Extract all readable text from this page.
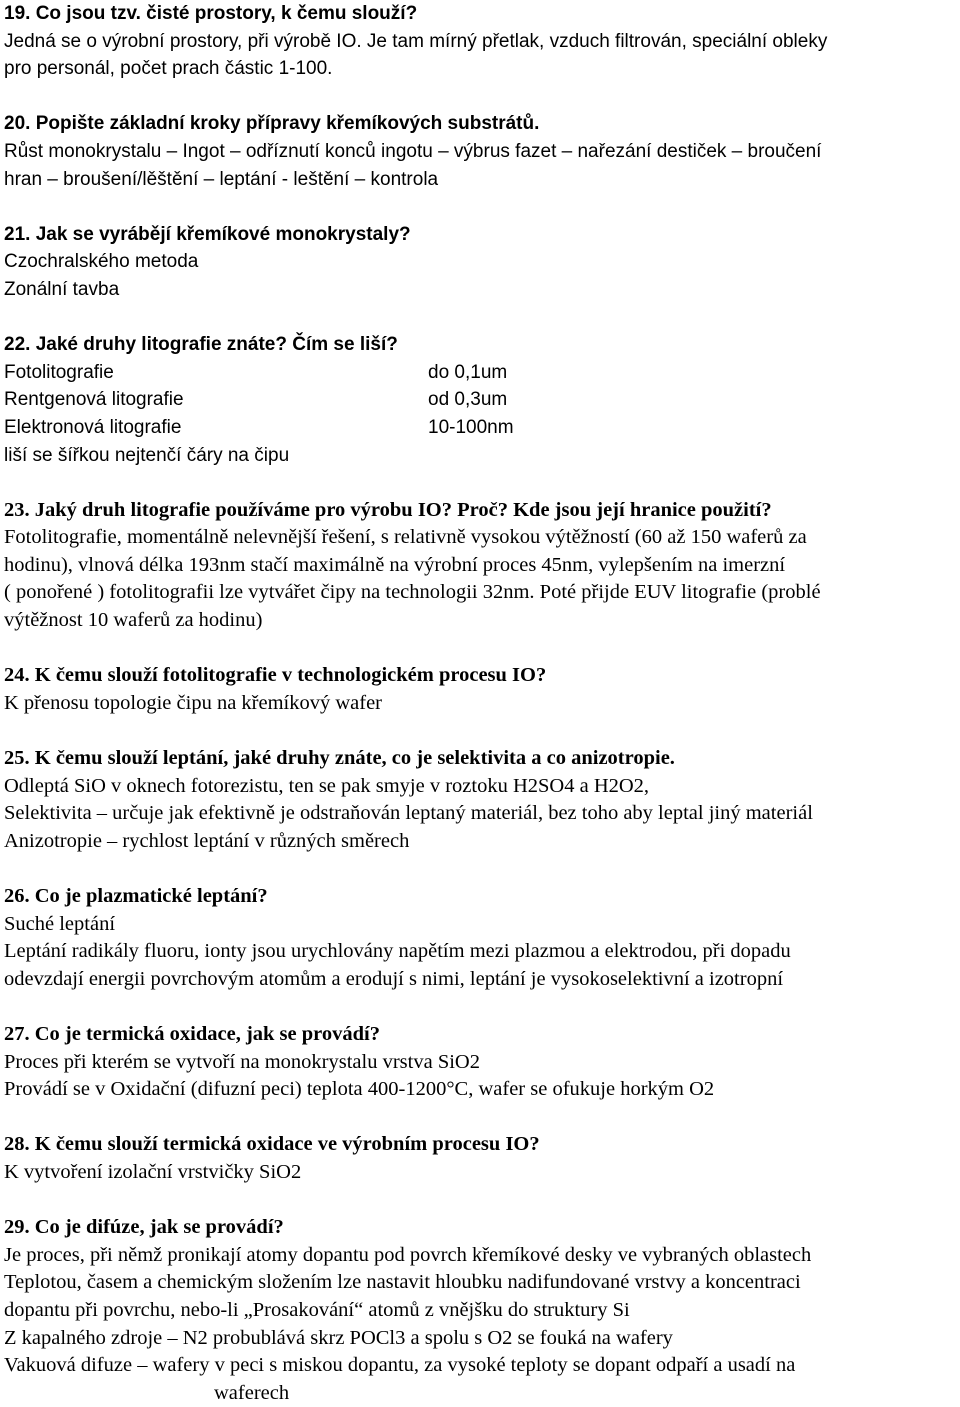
19. Co jsou tzv. čisté prostory, k čemu slouží?
Jedná se o výrobní prostory, při výrobě IO. Je tam mírný přetlak, vzduch filtrován, speciální obleky
pro personál, počet prach částic 1-100.
20. Popište základní kroky přípravy křemíkových substrátů.
Růst monokrystalu – Ingot – odříznutí konců ingotu – výbrus fazet – nařezání destiček – broučení
hran – broušení/lěštění – leptání - leštění – kontrola
21. Jak se vyrábějí křemíkové monokrystaly?
Czochralského metoda
Zonální tavba
22. Jaké druhy litografie znáte? Čím se liší?
Fotolitografie	do 0,1um
Rentgenová litografie	od 0,3um
Elektronová litografie	10-100nm
liší se šířkou nejtenčí čáry na čipu
23. Jaký druh litografie používáme pro výrobu IO? Proč? Kde jsou její hranice použití?
Fotolitografie, momentálně nelevnější řešení, s relativně vysokou výtěžností (60 až 150 waferů za
hodinu), vlnová délka 193nm stačí maximálně na výrobní proces 45nm, vylepšením na imerzní
( ponořené ) fotolitografii lze vytvářet čipy na technologii 32nm. Poté přijde EUV litografie (problé
výtěžnost 10 waferů za hodinu)
24. K čemu slouží fotolitografie v technologickém procesu IO?
K přenosu topologie čipu na křemíkový wafer
25. K čemu slouží leptání, jaké druhy znáte, co je selektivita a co anizotropie.
Odleptá SiO v oknech fotorezistu, ten se pak smyje v roztoku H2SO4 a H2O2,
Selektivita – určuje jak efektivně je odstraňován leptaný materiál, bez toho aby leptal jiný materiál
Anizotropie – rychlost leptání v různých směrech
26. Co je plazmatické leptání?
Suché leptání
Leptání radikály fluoru, ionty jsou urychlovány napětím mezi plazmou a elektrodou, při dopadu
odevzdají energii povrchovým atomům a erodují s nimi, leptání je vysokoselektivní a izotropní
27. Co je termická oxidace, jak se provádí?
Proces při kterém se vytvoří na monokrystalu vrstva SiO2
Provádí se v Oxidační (difuzní peci) teplota 400-1200°C, wafer se ofukuje horkým O2
28. K čemu slouží termická oxidace ve výrobním procesu IO?
K vytvoření izolační vrstvičky SiO2
29. Co je difúze, jak se provádí?
Je proces, při němž pronikají atomy dopantu pod povrch křemíkové desky ve vybraných oblastech
Teplotou, časem a chemickým složením lze nastavit hloubku nadifundované vrstvy a koncentraci
dopantu při povrchu, nebo-li „Prosakování“ atomů z vnějšku do struktury Si
Z kapalného zdroje – N2 probublává skrz POCl3 a spolu s O2 se fouká na wafery
Vakuová difuze – wafery v peci s miskou dopantu, za vysoké teploty se dopant odpaří a usadí na
waferech
